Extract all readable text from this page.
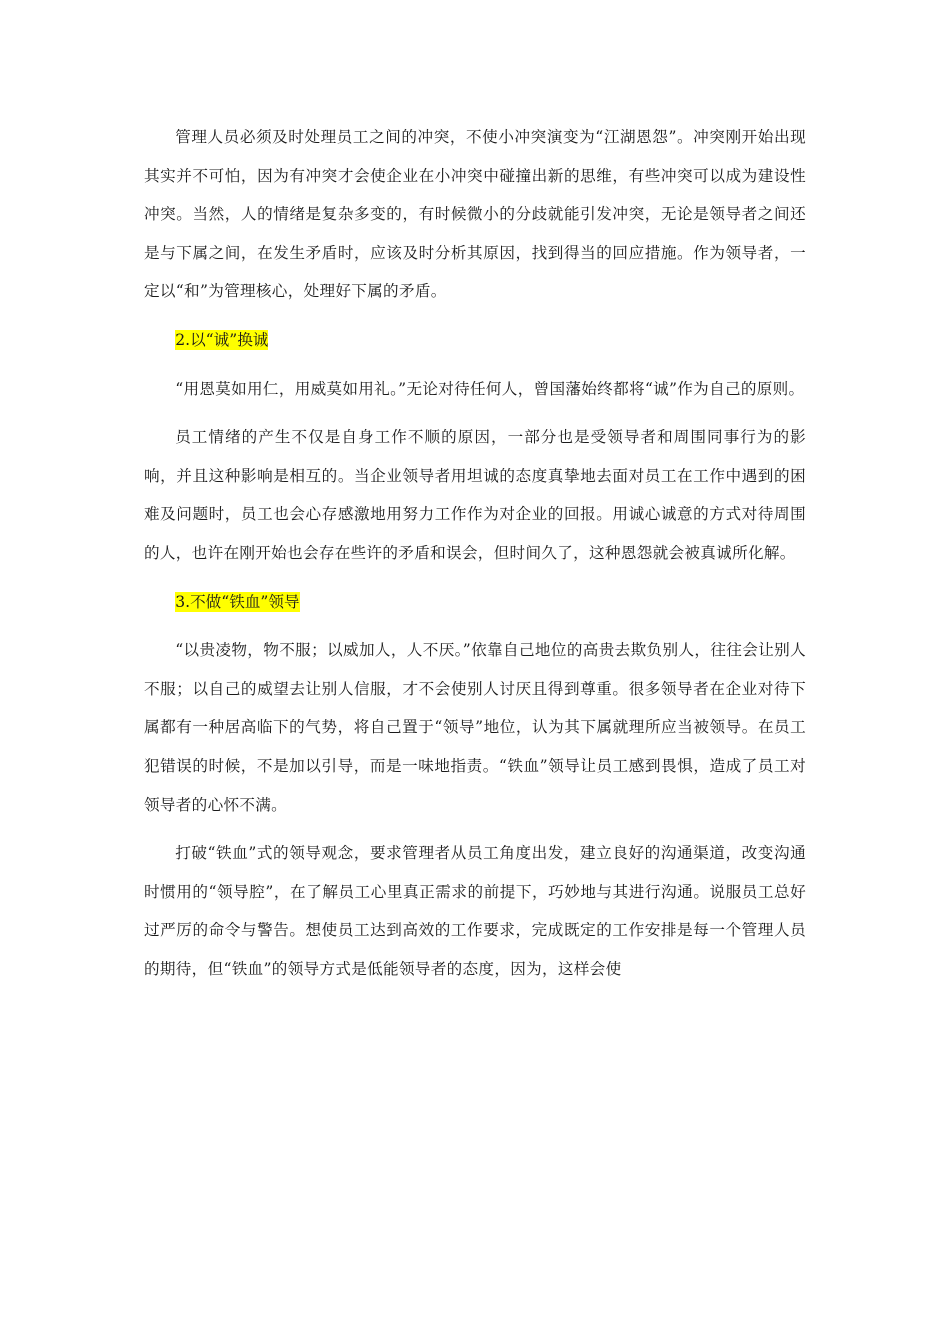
管理人员必须及时处理员工之间的冲突，不使小冲突演变为“江湖恩怨”。冲突刚开始出现其实并不可怕，因为有冲突才会使企业在小冲突中碰撞出新的思维，有些冲突可以成为建设性冲突。当然，人的情绪是复杂多变的，有时候微小的分歧就能引发冲突，无论是领导者之间还是与下属之间，在发生矛盾时，应该及时分析其原因，找到得当的回应措施。作为领导者，一定以“和”为管理核心，处理好下属的矛盾。

2.以“诚”换诚

“用恩莫如用仁，用威莫如用礼。”无论对待任何人，曾国藩始终都将“诚”作为自己的原则。

员工情绪的产生不仅是自身工作不顺的原因，一部分也是受领导者和周围同事行为的影响，并且这种影响是相互的。当企业领导者用坦诚的态度真挚地去面对员工在工作中遇到的困难及问题时，员工也会心存感激地用努力工作作为对企业的回报。用诚心诚意的方式对待周围的人，也许在刚开始也会存在些许的矛盾和误会，但时间久了，这种恩怨就会被真诚所化解。

3.不做“铁血”领导

“以贵凌物，物不服；以威加人，人不厌。”依靠自己地位的高贵去欺负别人，往往会让别人不服；以自己的威望去让别人信服，才不会使别人讨厌且得到尊重。很多领导者在企业对待下属都有一种居高临下的气势，将自己置于“领导”地位，认为其下属就理所应当被领导。在员工犯错误的时候，不是加以引导，而是一味地指责。“铁血”领导让员工感到畏惧，造成了员工对领导者的心怀不满。

打破“铁血”式的领导观念，要求管理者从员工角度出发，建立良好的沟通渠道，改变沟通时惯用的“领导腔”，在了解员工心里真正需求的前提下，巧妙地与其进行沟通。说服员工总好过严厉的命令与警告。想使员工达到高效的工作要求，完成既定的工作安排是每一个管理人员的期待，但“铁血”的领导方式是低能领导者的态度，因为，这样会使
